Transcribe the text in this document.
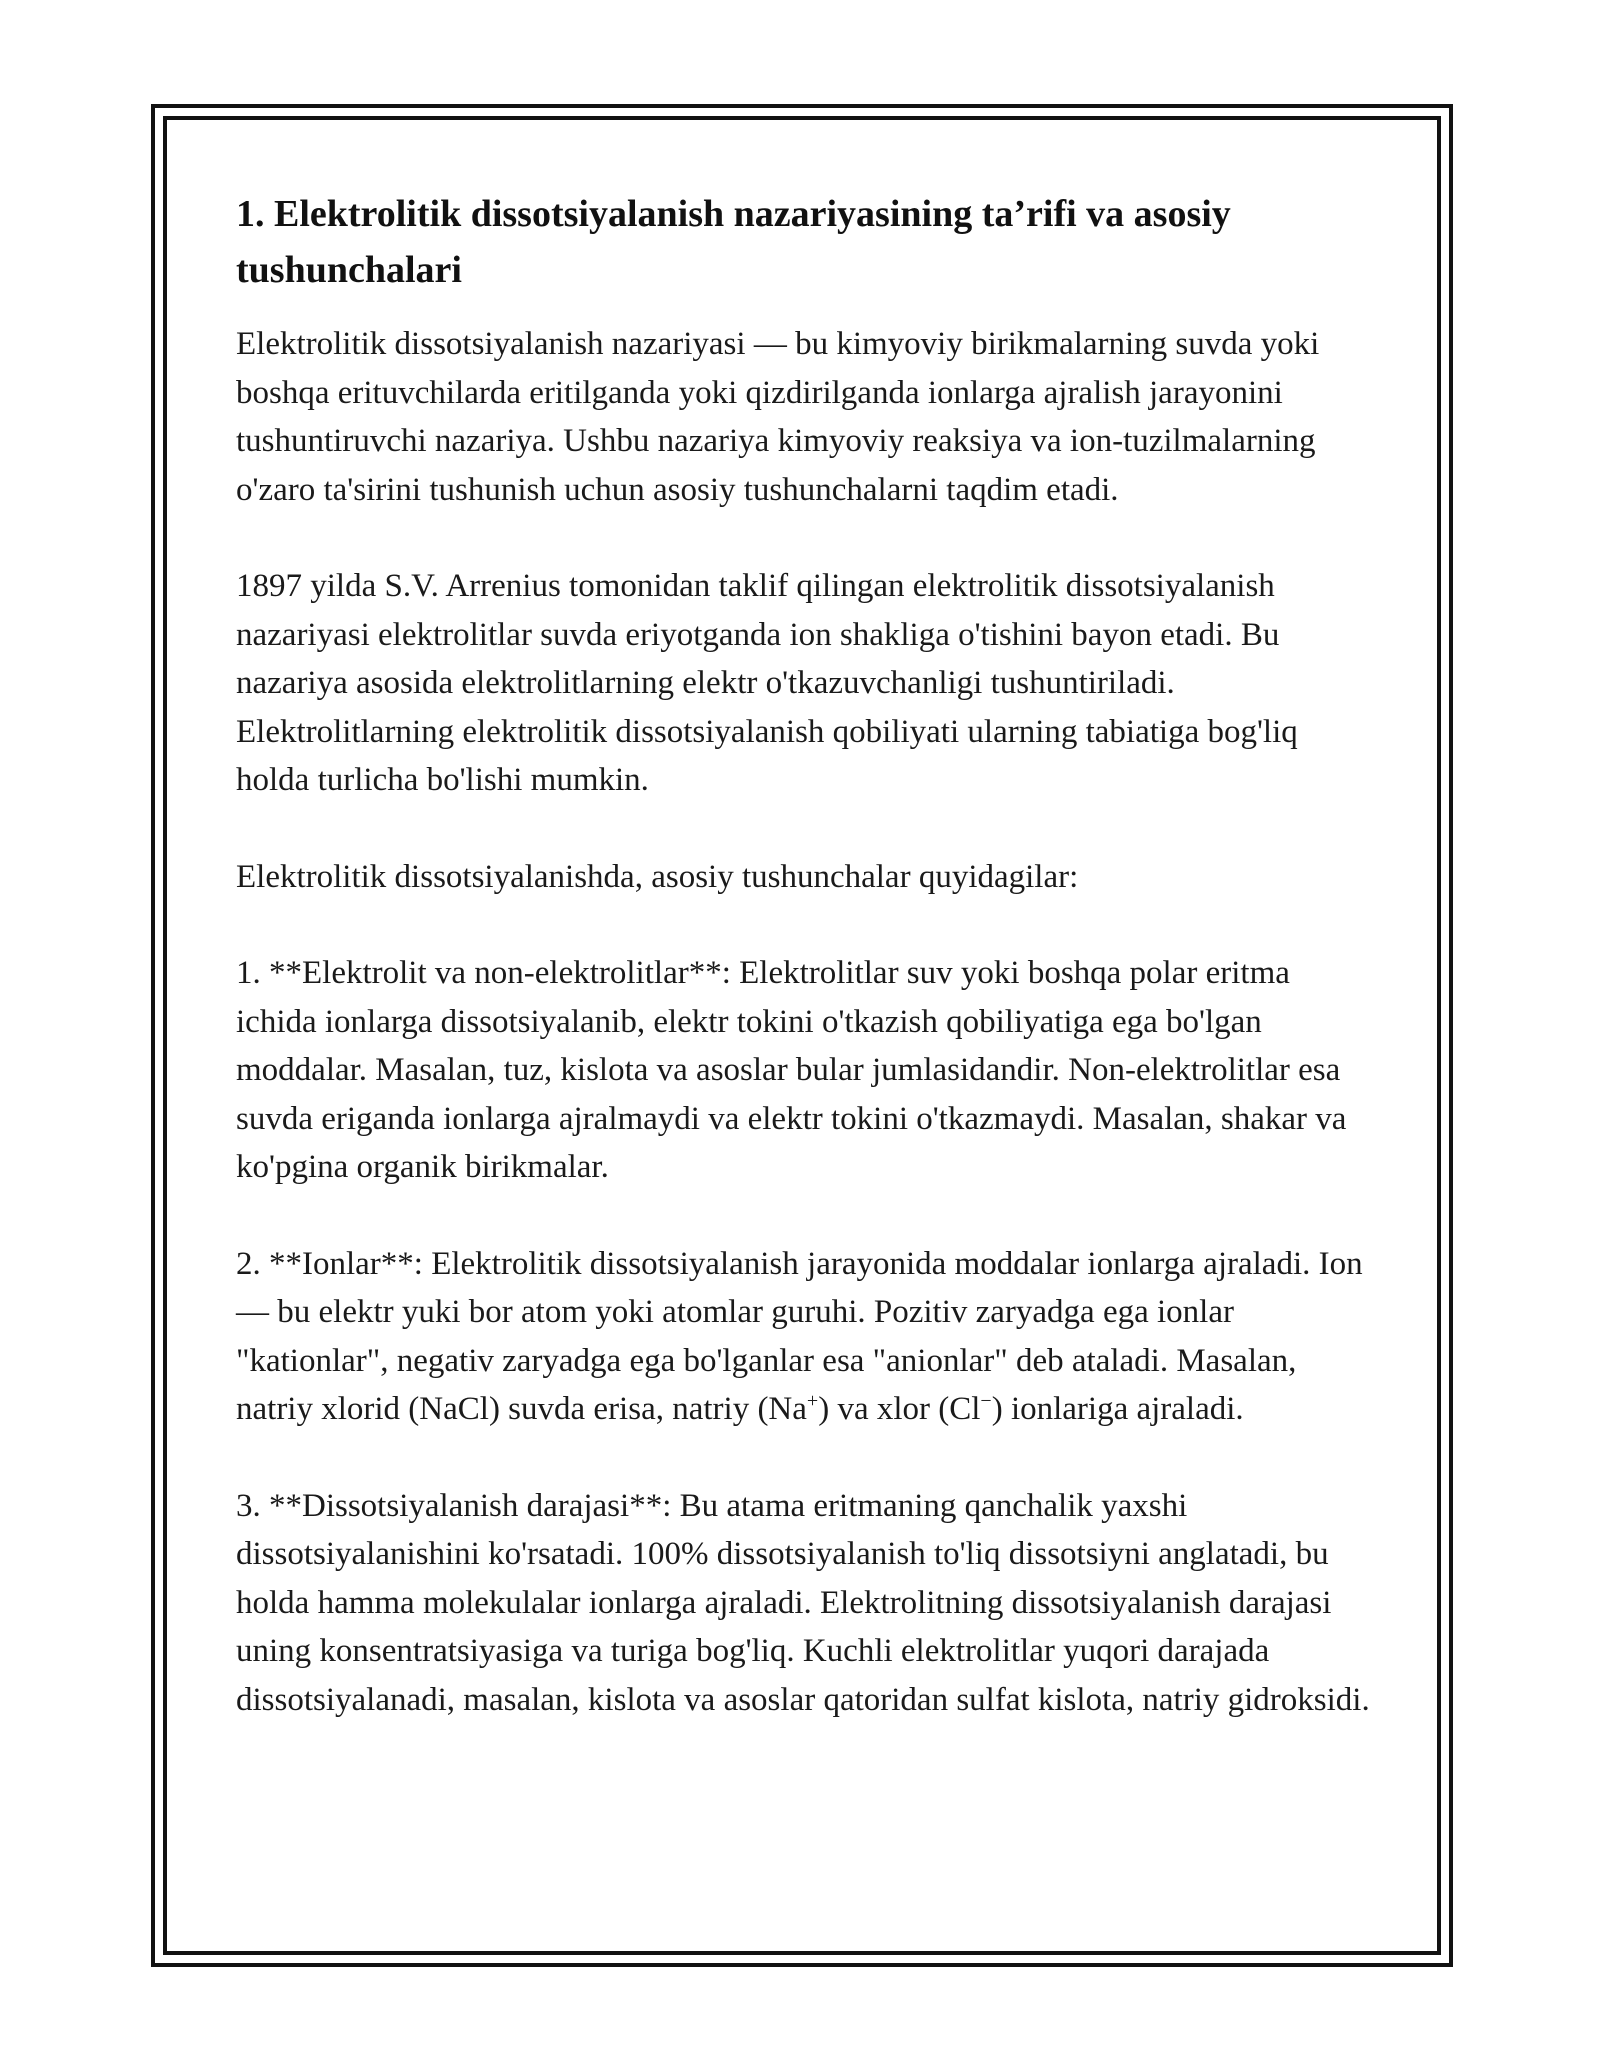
1. Elektrolitik dissotsiyalanish nazariyasining ta’rifi va asosiy tushunchalari

Elektrolitik dissotsiyalanish nazariyasi — bu kimyoviy birikmalarning suvda yoki boshqa erituvchilarda eritilganda yoki qizdirilganda ionlarga ajralish jarayonini tushuntiruvchi nazariya. Ushbu nazariya kimyoviy reaksiya va ion-tuzilmalarning o'zaro ta'sirini tushunish uchun asosiy tushunchalarni taqdim etadi.

1897 yilda S.V. Arrenius tomonidan taklif qilingan elektrolitik dissotsiyalanish nazariyasi elektrolitlar suvda eriyotganda ion shakliga o'tishini bayon etadi. Bu nazariya asosida elektrolitlarning elektr o'tkazuvchanligi tushuntiriladi. Elektrolitlarning elektrolitik dissotsiyalanish qobiliyati ularning tabiatiga bog'liq holda turlicha bo'lishi mumkin.

Elektrolitik dissotsiyalanishda, asosiy tushunchalar quyidagilar:

1. **Elektrolit va non-elektrolitlar**: Elektrolitlar suv yoki boshqa polar eritma ichida ionlarga dissotsiyalanib, elektr tokini o'tkazish qobiliyatiga ega bo'lgan moddalar. Masalan, tuz, kislota va asoslar bular jumlasidandir. Non-elektrolitlar esa suvda eriganda ionlarga ajralmaydi va elektr tokini o'tkazmaydi. Masalan, shakar va ko'pgina organik birikmalar.

2. **Ionlar**: Elektrolitik dissotsiyalanish jarayonida moddalar ionlarga ajraladi. Ion — bu elektr yuki bor atom yoki atomlar guruhi. Pozitiv zaryadga ega ionlar "kationlar", negativ zaryadga ega bo'lganlar esa "anionlar" deb ataladi. Masalan, natriy xlorid (NaCl) suvda erisa, natriy (Na+) va xlor (Cl−) ionlariga ajraladi.

3. **Dissotsiyalanish darajasi**: Bu atama eritmaning qanchalik yaxshi dissotsiyalanishini ko'rsatadi. 100% dissotsiyalanish to'liq dissotsiyni anglatadi, bu holda hamma molekulalar ionlarga ajraladi. Elektrolitning dissotsiyalanish darajasi uning konsentratsiyasiga va turiga bog'liq. Kuchli elektrolitlar yuqori darajada dissotsiyalanadi, masalan, kislota va asoslar qatoridan sulfat kislota, natriy gidroksidi.
